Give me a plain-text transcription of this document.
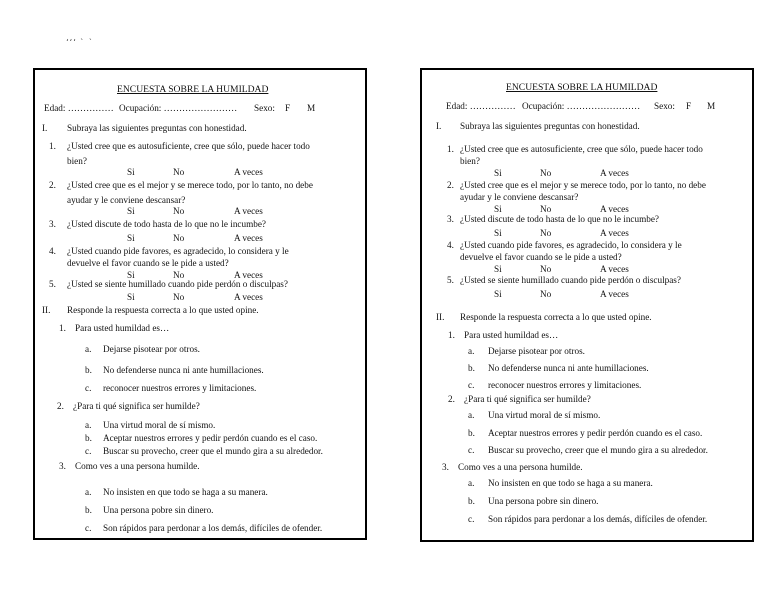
‘‘‘ ` `
ENCUESTA SOBRE LA HUMILDAD
Edad: …………… Ocupación: …………………… Sexo: F M
I. Subraya las siguientes preguntas con honestidad.
1. ¿Usted cree que es autosuficiente, cree que sólo, puede hacer todo
bien?
Si	No	A veces
2. ¿Usted cree que es el mejor y se merece todo, por lo tanto, no debe
ayudar y le conviene descansar?
Si	No	A veces
3. ¿Usted discute de todo hasta de lo que no le incumbe?
Si	No	A veces
4. ¿Usted cuando pide favores, es agradecido, lo considera y le
devuelve el favor cuando se le pide a usted?
Si	No	A veces
5. ¿Usted se siente humillado cuando pide perdón o disculpas?
Si	No	A veces
II. Responde la respuesta correcta a lo que usted opine.
1. Para usted humildad es…
a. Dejarse pisotear por otros.
b. No defenderse nunca ni ante humillaciones.
c. reconocer nuestros errores y limitaciones.
2. ¿Para ti qué significa ser humilde?
a. Una virtud moral de sí mismo.
b. Aceptar nuestros errores y pedir perdón cuando es el caso.
c. Buscar su provecho, creer que el mundo gira a su alrededor.
3. Como ves a una persona humilde.
a. No insisten en que todo se haga a su manera.
b. Una persona pobre sin dinero.
c. Son rápidos para perdonar a los demás, difíciles de ofender.
ENCUESTA SOBRE LA HUMILDAD
Edad: …………… Ocupación: …………………… Sexo: F M
I. Subraya las siguientes preguntas con honestidad.
1. ¿Usted cree que es autosuficiente, cree que sólo, puede hacer todo
bien?
Si	No	A veces
2. ¿Usted cree que es el mejor y se merece todo, por lo tanto, no debe
ayudar y le conviene descansar?
Si	No	A veces
3. ¿Usted discute de todo hasta de lo que no le incumbe?
Si	No	A veces
4. ¿Usted cuando pide favores, es agradecido, lo considera y le
devuelve el favor cuando se le pide a usted?
Si	No	A veces
5. ¿Usted se siente humillado cuando pide perdón o disculpas?
Si	No	A veces
II. Responde la respuesta correcta a lo que usted opine.
1. Para usted humildad es…
a. Dejarse pisotear por otros.
b. No defenderse nunca ni ante humillaciones.
c. reconocer nuestros errores y limitaciones.
2. ¿Para ti qué significa ser humilde?
a. Una virtud moral de sí mismo.
b. Aceptar nuestros errores y pedir perdón cuando es el caso.
c. Buscar su provecho, creer que el mundo gira a su alrededor.
3. Como ves a una persona humilde.
a. No insisten en que todo se haga a su manera.
b. Una persona pobre sin dinero.
c. Son rápidos para perdonar a los demás, difíciles de ofender.
